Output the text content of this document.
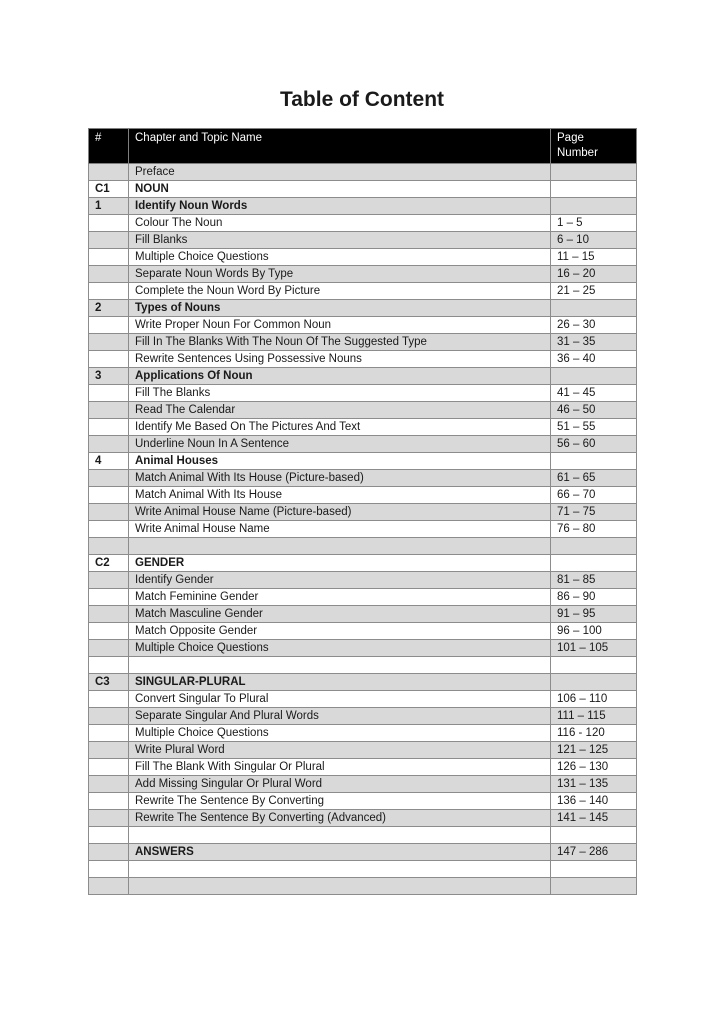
Table of Content
#	Chapter and Topic Name	Page
Number
	Preface	
C1	NOUN	
1	Identify Noun Words	
	Colour The Noun	1 – 5
	Fill Blanks	6 – 10
	Multiple Choice Questions	11 – 15
	Separate Noun Words By Type	16 – 20
	Complete the Noun Word By Picture	21 – 25
2	Types of Nouns	
	Write Proper Noun For Common Noun	26 – 30
	Fill In The Blanks With The Noun Of The Suggested Type	31 – 35
	Rewrite Sentences Using Possessive Nouns	36 – 40
3	Applications Of Noun	
	Fill The Blanks	41 – 45
	Read The Calendar	46 – 50
	Identify Me Based On The Pictures And Text	51 – 55
	Underline Noun In A Sentence	56 – 60
4	Animal Houses	
	Match Animal With Its House (Picture-based)	61 – 65
	Match Animal With Its House	66 – 70
	Write Animal House Name (Picture-based)	71 – 75
	Write Animal House Name	76 – 80

C2	GENDER	
	Identify Gender	81 – 85
	Match Feminine Gender	86 – 90
	Match Masculine Gender	91 – 95
	Match Opposite Gender	96 – 100
	Multiple Choice Questions	101 – 105

C3	SINGULAR-PLURAL	
	Convert Singular To Plural	106 – 110
	Separate Singular And Plural Words	111 – 115
	Multiple Choice Questions	116 - 120
	Write Plural Word	121 – 125
	Fill The Blank With Singular Or Plural	126 – 130
	Add Missing Singular Or Plural Word	131 – 135
	Rewrite The Sentence By Converting	136 – 140
	Rewrite The Sentence By Converting (Advanced)	141 – 145

	ANSWERS	147 – 286
